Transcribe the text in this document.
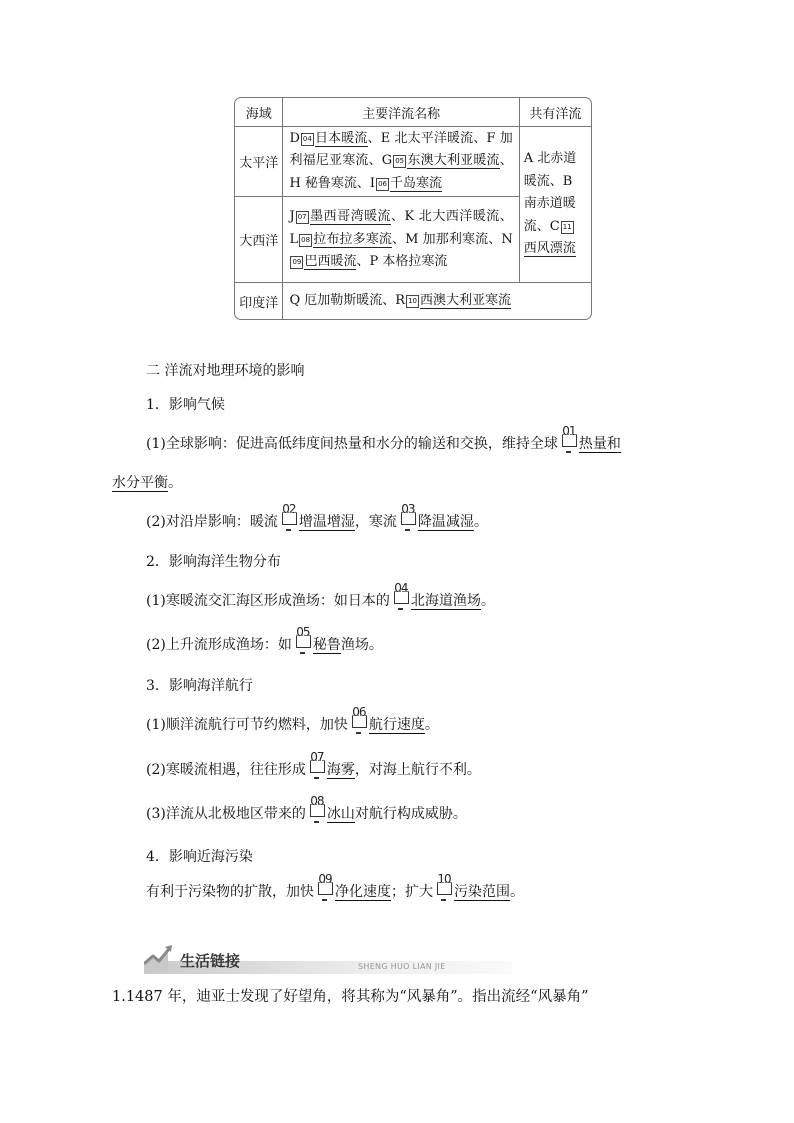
海域	主要洋流名称	共有洋流
太平洋	D 04 日本暖流、E 北太平洋暖流、F 加利福尼亚寒流、G 05 东澳大利亚暖流、H 秘鲁寒流、I 06 千岛寒流	A 北赤道暖流、B 南赤道暖流、C 11西风漂流
大西洋	J 07 墨西哥湾暖流、K 北大西洋暖流、L 08 拉布拉多寒流、M 加那利寒流、N09 巴西暖流、P 本格拉寒流	
印度洋	Q 厄加勒斯暖流、R 10 西澳大利亚寒流	
二 洋流对地理环境的影响
1．影响气候
(1)全球影响：促进高低纬度间热量和水分的输送和交换，维持全球
01
热量和
水分平衡。
(2)对沿岸影响：暖流
02
增温增湿，寒流
03
降温减湿。
2．影响海洋生物分布
(1)寒暖流交汇海区形成渔场：如日本的
04
北海道渔场。
(2)上升流形成渔场：如
05
秘鲁渔场。
3．影响海洋航行
(1)顺洋流航行可节约燃料，加快
06
航行速度。
(2)寒暖流相遇，往往形成
07
海雾，对海上航行不利。
(3)洋流从北极地区带来的
08
冰山对航行构成威胁。
4．影响近海污染
有利于污染物的扩散，加快
09
净化速度；扩大
10
污染范围。
生活链接	SHENG HUO LIAN JIE
1.1487 年，迪亚士发现了好望角，将其称为“风暴角”。指出流经“风暴角”
